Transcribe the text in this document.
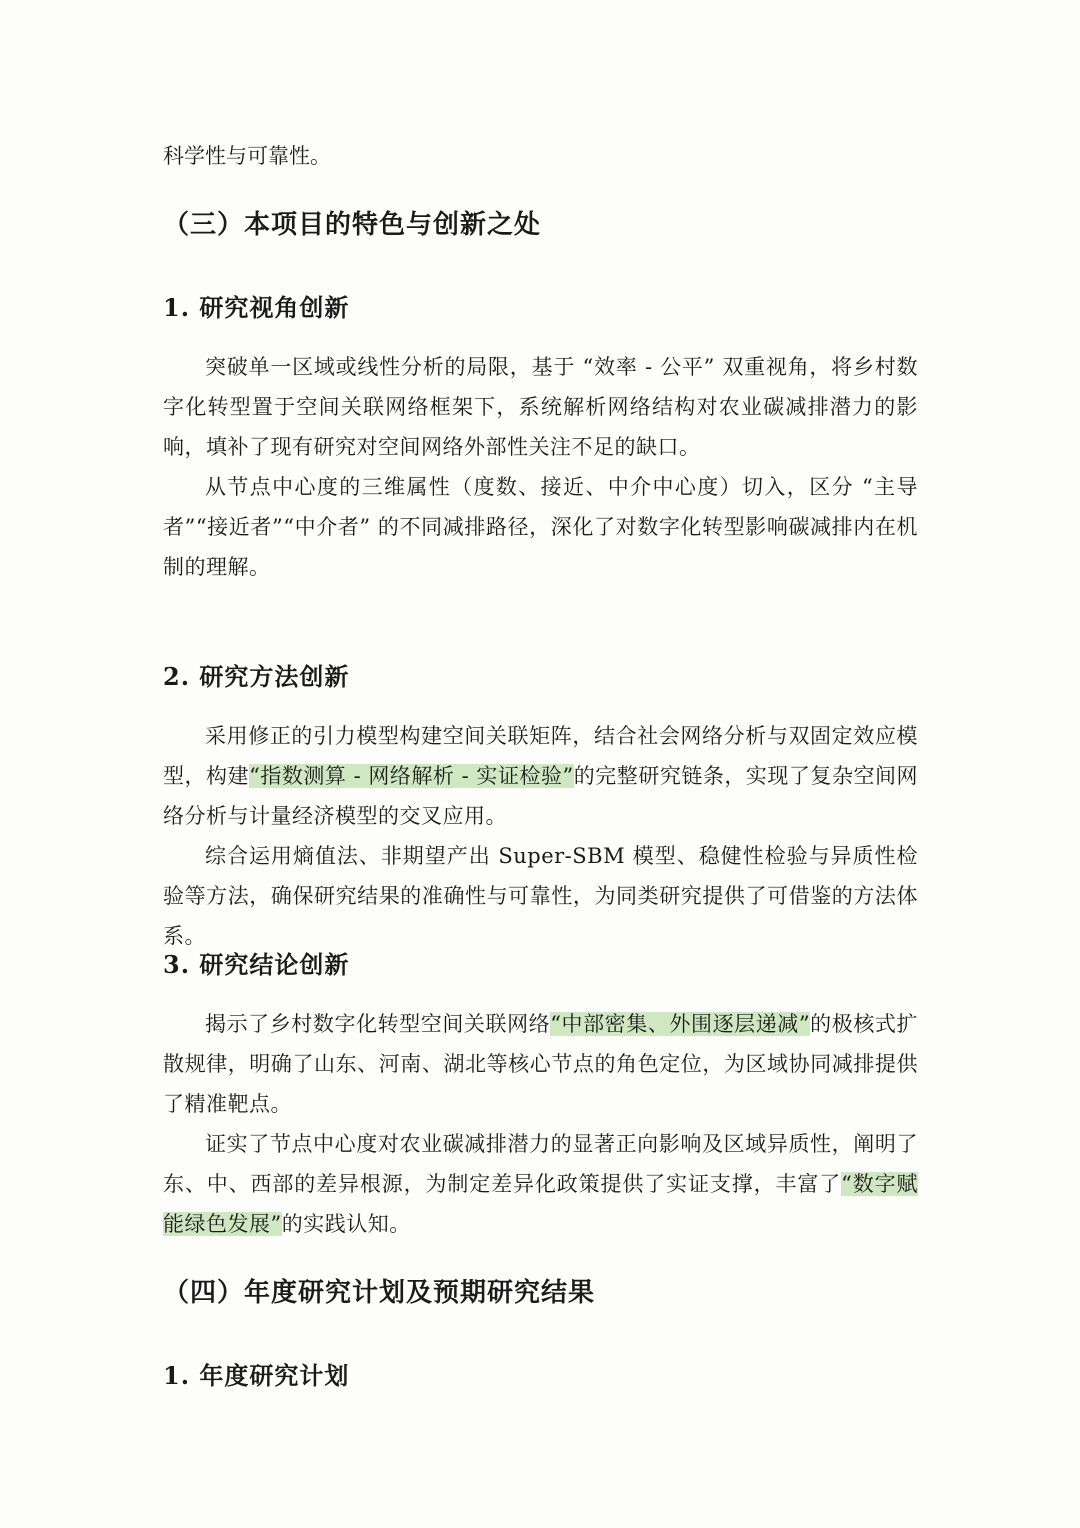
科学性与可靠性。

（三）本项目的特色与创新之处
1. 研究视角创新

突破单一区域或线性分析的局限，基于 “效率 - 公平” 双重视角，将乡村数字化转型置于空间关联网络框架下，系统解析网络结构对农业碳减排潜力的影响，填补了现有研究对空间网络外部性关注不足的缺口。

从节点中心度的三维属性（度数、接近、中介中心度）切入，区分 “主导者”“接近者”“中介者” 的不同减排路径，深化了对数字化转型影响碳减排内在机制的理解。

2. 研究方法创新

采用修正的引力模型构建空间关联矩阵，结合社会网络分析与双固定效应模型，构建“指数测算 - 网络解析 - 实证检验”的完整研究链条，实现了复杂空间网络分析与计量经济模型的交叉应用。

综合运用熵值法、非期望产出 Super-SBM 模型、稳健性检验与异质性检验等方法，确保研究结果的准确性与可靠性，为同类研究提供了可借鉴的方法体系。

3. 研究结论创新

揭示了乡村数字化转型空间关联网络“中部密集、外围逐层递减”的极核式扩散规律，明确了山东、河南、湖北等核心节点的角色定位，为区域协同减排提供了精准靶点。

证实了节点中心度对农业碳减排潜力的显著正向影响及区域异质性，阐明了东、中、西部的差异根源，为制定差异化政策提供了实证支撑，丰富了“数字赋能绿色发展”的实践认知。

（四）年度研究计划及预期研究结果
1. 年度研究计划
